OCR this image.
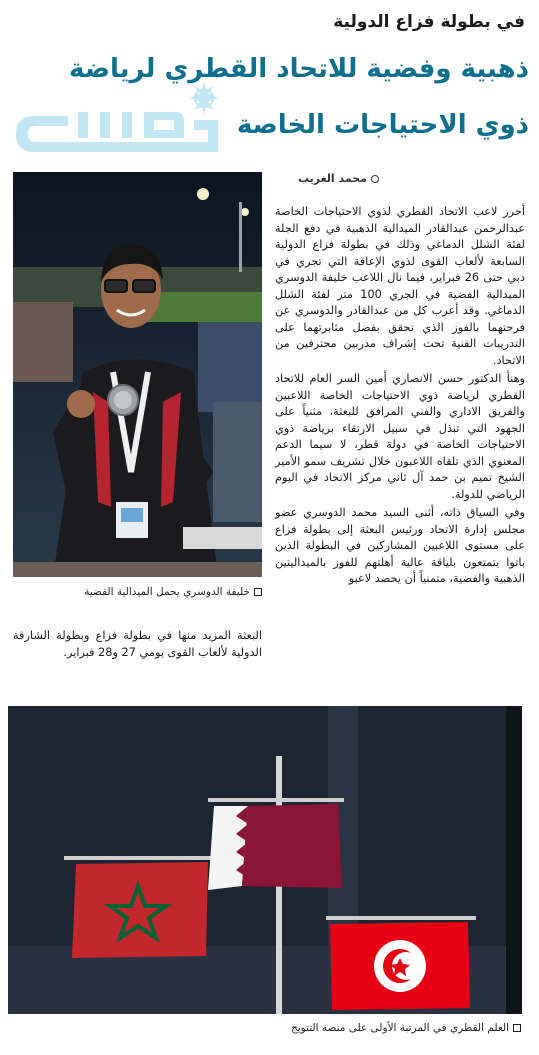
في بطولة فزاع الدولية
ذهبية وفضية للاتحاد القطري لرياضة
ذوي الاحتياجات الخاصة
محمد الغريب

أحرز لاعب الاتحاد القطري لذوي الاحتياجات الخاصة عبدالرحمن عبدالقادر الميدالية الذهبية في دفع الجلة لفئة الشلل الدماغي وذلك في بطولة فزاع الدولية السابعة لألعاب القوى لذوي الإعاقة التي تجري في دبي حتى 26 فبراير، فيما نال اللاعب خليفة الدوسري الميدالية الفضية في الجري 100 متر لفئة الشلل الدماغي. وقد أعرب كل من عبدالقادر والدوسري عن فرحتهما بالفوز الذي تحقق بفضل مثابرتهما على التدريبات الفنية تحت إشراف مدربين محترفين من الاتحاد.

وهنأ الدكتور حسن الانصاري أمين السر العام للاتحاد القطري لرياضة ذوي الاحتياجات الخاصة اللاعبين والفريق الاداري والفني المرافق للبعثة، مثنياً على الجهود التي تبذل في سبيل الارتقاء برياضة ذوي الاحتياجات الخاصة في دولة قطر، لا سيما الدعم المعنوي الذي تلقاه اللاعبون خلال تشريف سمو الأمير الشيخ تميم بن حمد آل ثاني مركز الاتحاد في اليوم الرياضي للدولة.

وفي السياق ذاته، أثنى السيد محمد الدوسري عضو مجلس إدارة الاتحاد ورئيس البعثة إلى بطولة فزاع على مستوى اللاعبين المشاركين في البطولة الذين باتوا يتمتعون بلياقة عالية أهلتهم للفوز بالميداليتين الذهبية والفضية، متمنياً أن يحصد لاعبو

خليفة الدوسري يحمل الميدالية الفضية
البعثة المزيد منها في بطولة فزاع وبطولة الشارقة الدولية لألعاب القوى يومي 27 و28 فبراير.
العلم القطري في المرتبة الأولى على منصة التتويج
